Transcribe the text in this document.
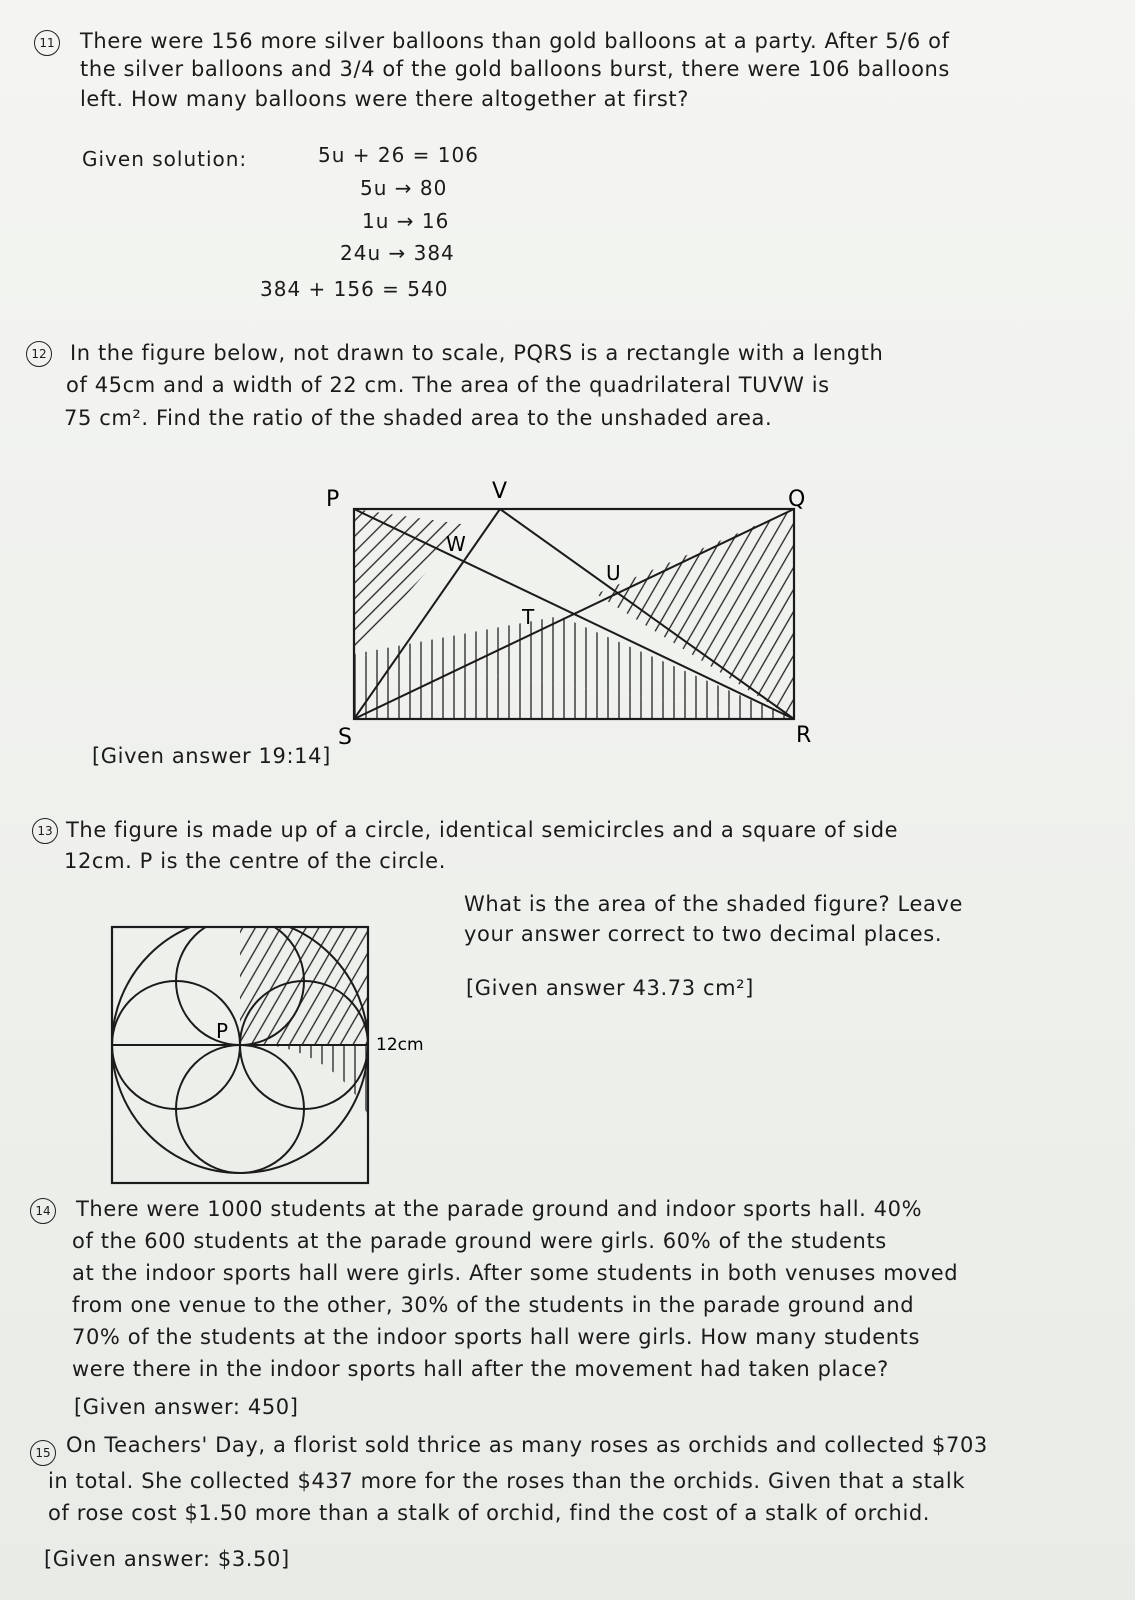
11 There were 156 more silver balloons than gold balloons at a party. After 5/6 of
the silver balloons and 3/4 of the gold balloons burst, there were 106 balloons
left. How many balloons were there altogether at first?
Given solution:	5u + 26 = 106
5u → 80
1u → 16
24u → 384
384 + 156 = 540
12 In the figure below, not drawn to scale, PQRS is a rectangle with a length
of 45cm and a width of 22 cm. The area of the quadrilateral TUVW is
75 cm². Find the ratio of the shaded area to the unshaded area.
P	V	Q
W
U
T
S	R
P
12cm
[Given answer 19:14]
13 The figure is made up of a circle, identical semicircles and a square of side
12cm. P is the centre of the circle.
What is the area of the shaded figure? Leave
your answer correct to two decimal places.
[Given answer 43.73 cm²]
14 There were 1000 students at the parade ground and indoor sports hall. 40%
of the 600 students at the parade ground were girls. 60% of the students
at the indoor sports hall were girls. After some students in both venuses moved
from one venue to the other, 30% of the students in the parade ground and
70% of the students at the indoor sports hall were girls. How many students
were there in the indoor sports hall after the movement had taken place?
[Given answer: 450]
15 On Teachers' Day, a florist sold thrice as many roses as orchids and collected $703
in total. She collected $437 more for the roses than the orchids. Given that a stalk
of rose cost $1.50 more than a stalk of orchid, find the cost of a stalk of orchid.
[Given answer: $3.50]
